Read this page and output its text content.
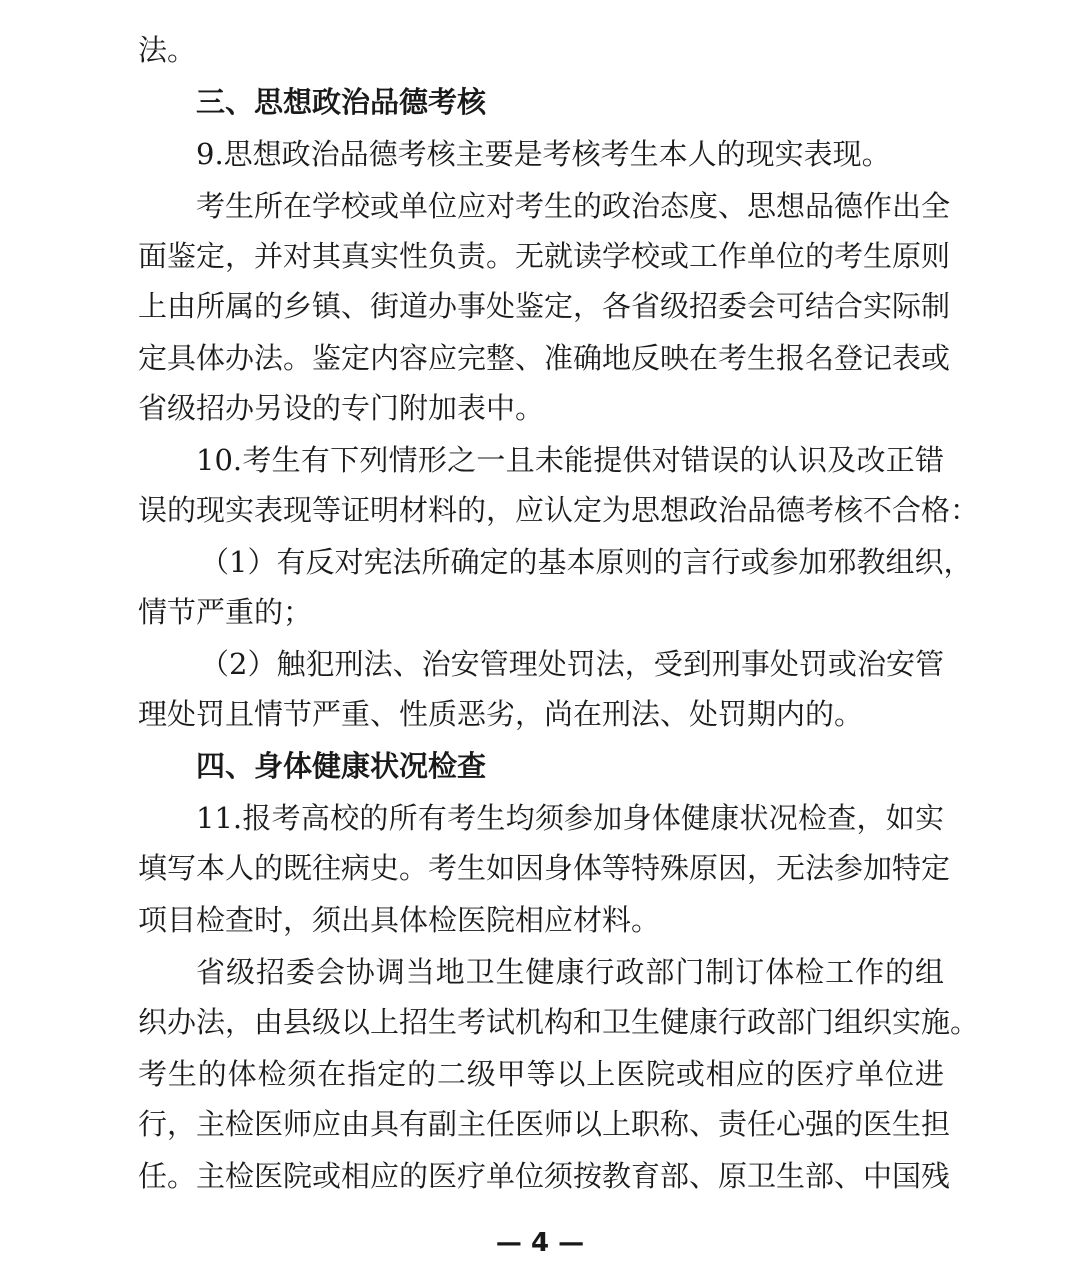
法。
三、思想政治品德考核
9.思想政治品德考核主要是考核考生本人的现实表现。
考生所在学校或单位应对考生的政治态度、思想品德作出全
面鉴定，并对其真实性负责。无就读学校或工作单位的考生原则
上由所属的乡镇、街道办事处鉴定，各省级招委会可结合实际制
定具体办法。鉴定内容应完整、准确地反映在考生报名登记表或
省级招办另设的专门附加表中。
10.考生有下列情形之一且未能提供对错误的认识及改正错
误的现实表现等证明材料的，应认定为思想政治品德考核不合格：
（1）有反对宪法所确定的基本原则的言行或参加邪教组织，
情节严重的；
（2）触犯刑法、治安管理处罚法，受到刑事处罚或治安管
理处罚且情节严重、性质恶劣，尚在刑法、处罚期内的。
四、身体健康状况检查
11.报考高校的所有考生均须参加身体健康状况检查，如实
填写本人的既往病史。考生如因身体等特殊原因，无法参加特定
项目检查时，须出具体检医院相应材料。
省级招委会协调当地卫生健康行政部门制订体检工作的组
织办法，由县级以上招生考试机构和卫生健康行政部门组织实施。
考生的体检须在指定的二级甲等以上医院或相应的医疗单位进
行，主检医师应由具有副主任医师以上职称、责任心强的医生担
任。主检医院或相应的医疗单位须按教育部、原卫生部、中国残
— 4 —
